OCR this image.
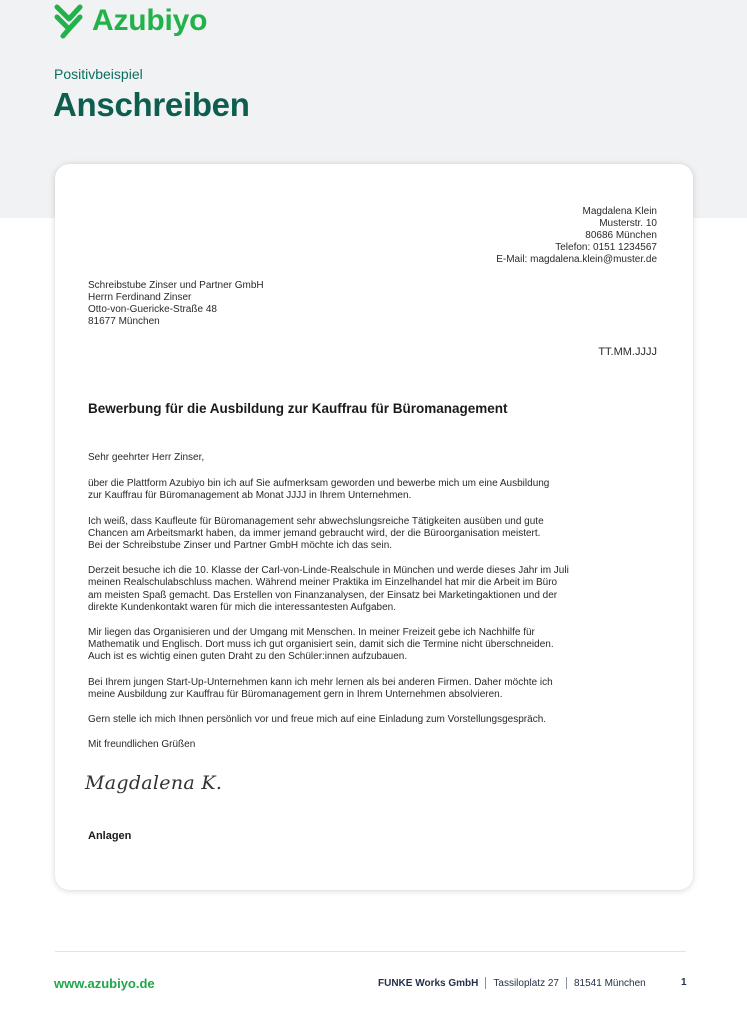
Azubiyo
Positivbeispiel
Anschreiben
Magdalena Klein
Musterstr. 10
80686 München
Telefon: 0151 1234567
E-Mail: magdalena.klein@muster.de
Schreibstube Zinser und Partner GmbH
Herrn Ferdinand Zinser
Otto-von-Guericke-Straße 48
81677 München
TT.MM.JJJJ
Bewerbung für die Ausbildung zur Kauffrau für Büromanagement

Sehr geehrter Herr Zinser,

über die Plattform Azubiyo bin ich auf Sie aufmerksam geworden und bewerbe mich um eine Ausbildung
zur Kauffrau für Büromanagement ab Monat JJJJ in Ihrem Unternehmen.

Ich weiß, dass Kaufleute für Büromanagement sehr abwechslungsreiche Tätigkeiten ausüben und gute
Chancen am Arbeitsmarkt haben, da immer jemand gebraucht wird, der die Büroorganisation meistert.
Bei der Schreibstube Zinser und Partner GmbH möchte ich das sein.

Derzeit besuche ich die 10. Klasse der Carl-von-Linde-Realschule in München und werde dieses Jahr im Juli
meinen Realschulabschluss machen. Während meiner Praktika im Einzelhandel hat mir die Arbeit im Büro
am meisten Spaß gemacht. Das Erstellen von Finanzanalysen, der Einsatz bei Marketingaktionen und der
direkte Kundenkontakt waren für mich die interessantesten Aufgaben.

Mir liegen das Organisieren und der Umgang mit Menschen. In meiner Freizeit gebe ich Nachhilfe für
Mathematik und Englisch. Dort muss ich gut organisiert sein, damit sich die Termine nicht überschneiden.
Auch ist es wichtig einen guten Draht zu den Schüler:innen aufzubauen.

Bei Ihrem jungen Start-Up-Unternehmen kann ich mehr lernen als bei anderen Firmen. Daher möchte ich
meine Ausbildung zur Kauffrau für Büromanagement gern in Ihrem Unternehmen absolvieren.

Gern stelle ich mich Ihnen persönlich vor und freue mich auf eine Einladung zum Vorstellungsgespräch.

Mit freundlichen Grüßen

Magdalena K.
Anlagen
www.azubiyo.de	FUNKE Works GmbH Tassiloplatz 27 81541 München	1
